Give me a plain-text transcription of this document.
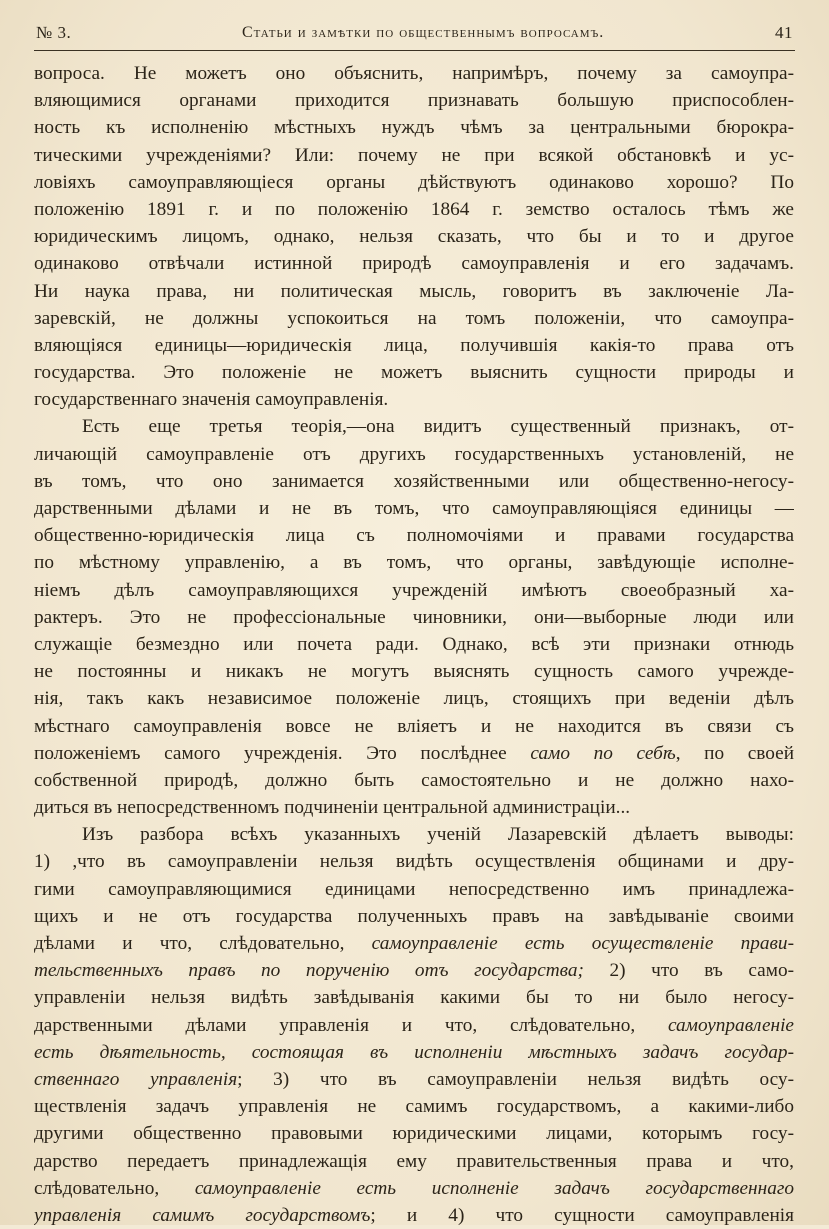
№ 3.	Статьи и замѣтки по общественнымъ вопросамъ.	41
вопроса. Не можетъ оно объяснить, напримѣръ, почему за самоупра-
вляющимися органами приходится признавать большую приспособлен-
ность къ исполненію мѣстныхъ нуждъ чѣмъ за центральными бюрокра-
тическими учрежденіями? Или: почему не при всякой обстановкѣ и ус-
ловіяхъ самоуправляющіеся органы дѣйствуютъ одинаково хорошо? По
положенію 1891 г. и по положенію 1864 г. земство осталось тѣмъ же
юридическимъ лицомъ, однако, нельзя сказать, что бы и то и другое
одинаково отвѣчали истинной природѣ самоуправленія и его задачамъ.
Ни наука права, ни политическая мысль, говоритъ въ заключеніе Ла-
заревскій, не должны успокоиться на томъ положеніи, что самоупра-
вляющіяся единицы—юридическія лица, получившія какія-то права отъ
государства. Это положеніе не можетъ выяснить сущности природы и
государственнаго значенія самоуправленія.
Есть еще третья теорія,—она видитъ существенный признакъ, от-
личающій самоуправленіе отъ другихъ государственныхъ установленій, не
въ томъ, что оно занимается хозяйственными или общественно-негосу-
дарственными дѣлами и не въ томъ, что самоуправляющіяся единицы —
общественно-юридическія лица съ полномочіями и правами государства
по мѣстному управленію, а въ томъ, что органы, завѣдующіе исполне-
ніемъ дѣлъ самоуправляющихся учрежденій имѣютъ своеобразный ха-
рактеръ. Это не профессіональные чиновники, они—выборные люди или
служащіе безмездно или почета ради. Однако, всѣ эти признаки отнюдь
не постоянны и никакъ не могутъ выяснять сущность самого учрежде-
нія, такъ какъ независимое положеніе лицъ, стоящихъ при веденіи дѣлъ
мѣстнаго самоуправленія вовсе не вліяетъ и не находится въ связи съ
положеніемъ самого учрежденія. Это послѣднее само по себѣ, по своей
собственной природѣ, должно быть самостоятельно и не должно нахо-
диться въ непосредственномъ подчиненіи центральной администраціи...
Изъ разбора всѣхъ указанныхъ ученій Лазаревскій дѣлаетъ выводы:
1) ,что въ самоуправленіи нельзя видѣть осуществленія общинами и дру-
гими самоуправляющимися единицами непосредственно имъ принадлежа-
щихъ и не отъ государства полученныхъ правъ на завѣдываніе своими
дѣлами и что, слѣдовательно, самоуправленіе есть осуществленіе прави-
тельственныхъ правъ по порученію отъ государства; 2) что въ само-
управленіи нельзя видѣть завѣдыванія какими бы то ни было негосу-
дарственными дѣлами управленія и что, слѣдовательно, самоуправленіе
есть дѣятельность, состоящая въ исполненіи мѣстныхъ задачъ государ-
ственнаго управленія; 3) что въ самоуправленіи нельзя видѣть осу-
ществленія задачъ управленія не самимъ государствомъ, а какими-либо
другими общественно правовыми юридическими лицами, которымъ госу-
дарство передаетъ принадлежащія ему правительственныя права и что,
слѣдовательно, самоуправленіе есть исполненіе задачъ государственнаго
управленія самимъ государствомъ; и 4) что сущности самоуправленія
